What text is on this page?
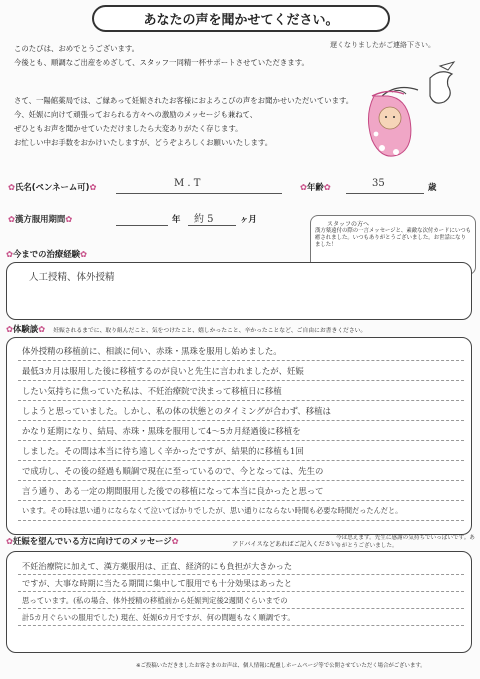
あなたの声を聞かせてください。
遅くなりましたがご連絡下さい。
このたびは、おめでとうございます。
今後とも、順調なご出産をめざして、スタッフ一同精一杯サポートさせていただきます。
さて、一陽館薬局では、ご縁あって妊娠されたお客様におよろこびの声をお聞かせいただいています。
今、妊娠に向けて頑張っておられる方々への激励のメッセージも兼ねて、
ぜひともお声を聞かせていただけましたら大変ありがたく存じます。
お忙しい中お手数をおかけいたしますが、どうぞよろしくお願いいたします。
✿氏名(ペンネーム可)✿	M . T	✿年齢✿	35	歳
✿漢方服用期間✿	年 約 5	ヶ月
スタッフの方へ
漢方薬遠付の際の一言メッセージと、素敵な次付カードにいつも癒されました。いつもありがとうございました。お世話になりました！
✿今までの治療経験✿
人工授精、体外授精
✿体験談✿ 妊娠されるまでに、取り組んだこと、気をつけたこと、嬉しかったこと、辛かったことなど、ご自由にお書きください。
体外授精の移植前に、相談に伺い、赤珠・黒珠を服用し始めました。
最低3カ月は服用した後に移植するのが良いと先生に言われましたが、妊娠
したい気持ちに焦っていた私は、不妊治療院で決まって移植日に移植
しようと思っていました。しかし、私の体の状態とのタイミングが合わず、移植は
かなり延期になり、結局、赤珠・黒珠を服用して4～5カ月経過後に移植を
しました。その間は本当に待ち遠しく辛かったですが、結果的に移植も1回
で成功し、その後の経過も順調で現在に至っているので、今となっては、先生の
言う通り、ある一定の期間服用した後での移植になって本当に良かったと思って
います。その時は思い通りにならなくて泣いてばかりでしたが、思い通りにならない時間も必要な時間だったんだと。
✿妊娠を望んでいる方に向けてのメッセージ✿	アドバイスなどあればご記入ください。
今は思えます。先生に感謝の気持ちでいっぱいです。ありがとうございました。
不妊治療院に加えて、漢方薬服用は、正直、経済的にも負担が大きかった
ですが、大事な時期に当たる期間に集中して服用でも十分効果はあったと
思っています。(私の場合、体外授精の移植前から妊娠判定後2週間ぐらいまでの
計5カ月ぐらいの服用でした) 現在、妊娠6カ月ですが、何の問題もなく順調です。
※ご投稿いただきましたお客さまのお声は、個人情報に配慮しホームページ等で公開させていただく場合がございます。
